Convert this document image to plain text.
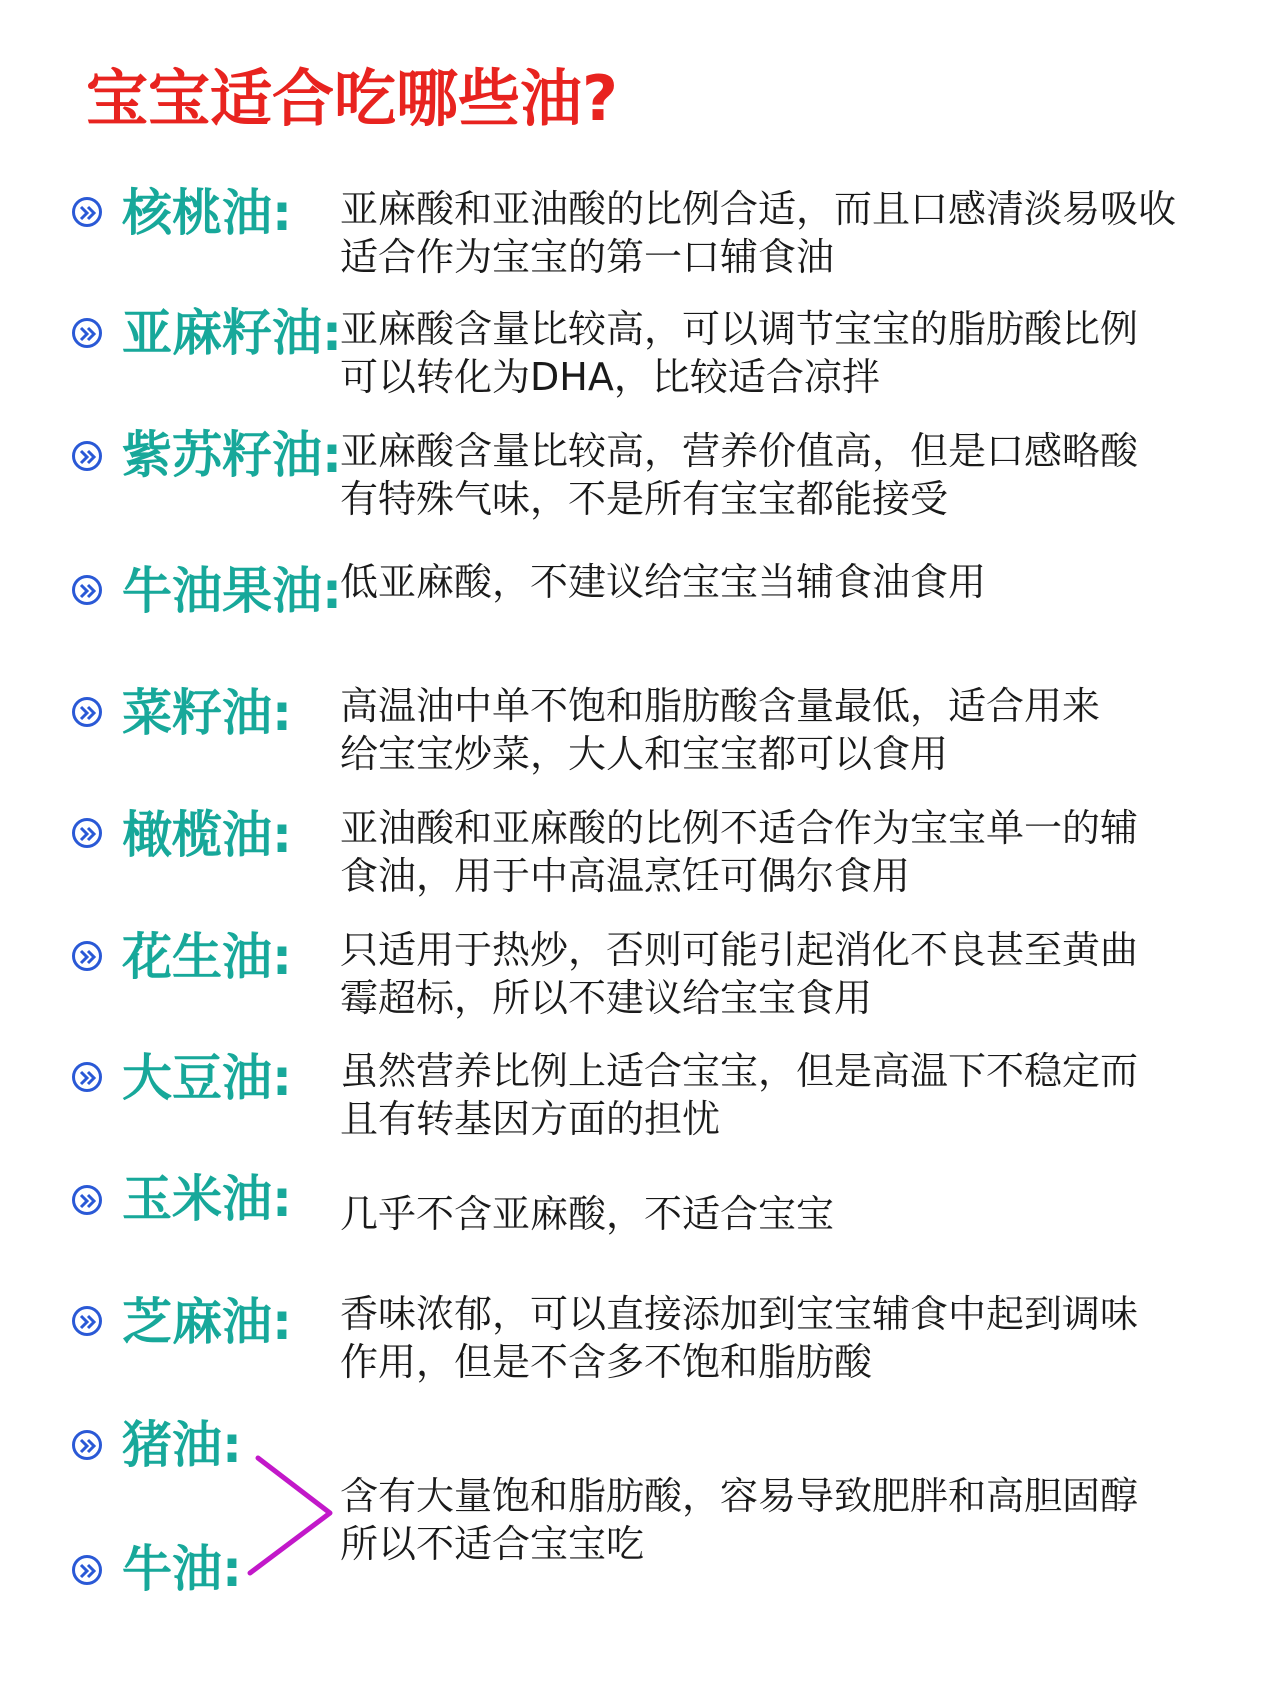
宝宝适合吃哪些油?
核桃油: 亚麻酸和亚油酸的比例合适，而且口感清淡易吸收
适合作为宝宝的第一口辅食油
亚麻籽油:
亚麻酸含量比较高，可以调节宝宝的脂肪酸比例
可以转化为DHA，比较适合凉拌
紫苏籽油:
亚麻酸含量比较高，营养价值高，但是口感略酸
有特殊气味，不是所有宝宝都能接受
牛油果油:
低亚麻酸，不建议给宝宝当辅食油食用
菜籽油: 高温油中单不饱和脂肪酸含量最低，适合用来
给宝宝炒菜，大人和宝宝都可以食用
橄榄油: 亚油酸和亚麻酸的比例不适合作为宝宝单一的辅
食油，用于中高温烹饪可偶尔食用
花生油: 只适用于热炒，否则可能引起消化不良甚至黄曲
霉超标，所以不建议给宝宝食用
大豆油: 虽然营养比例上适合宝宝，但是高温下不稳定而
且有转基因方面的担忧
玉米油: 几乎不含亚麻酸，不适合宝宝
芝麻油: 香味浓郁，可以直接添加到宝宝辅食中起到调味
作用，但是不含多不饱和脂肪酸
猪油:
牛油:
含有大量饱和脂肪酸，容易导致肥胖和高胆固醇
所以不适合宝宝吃
